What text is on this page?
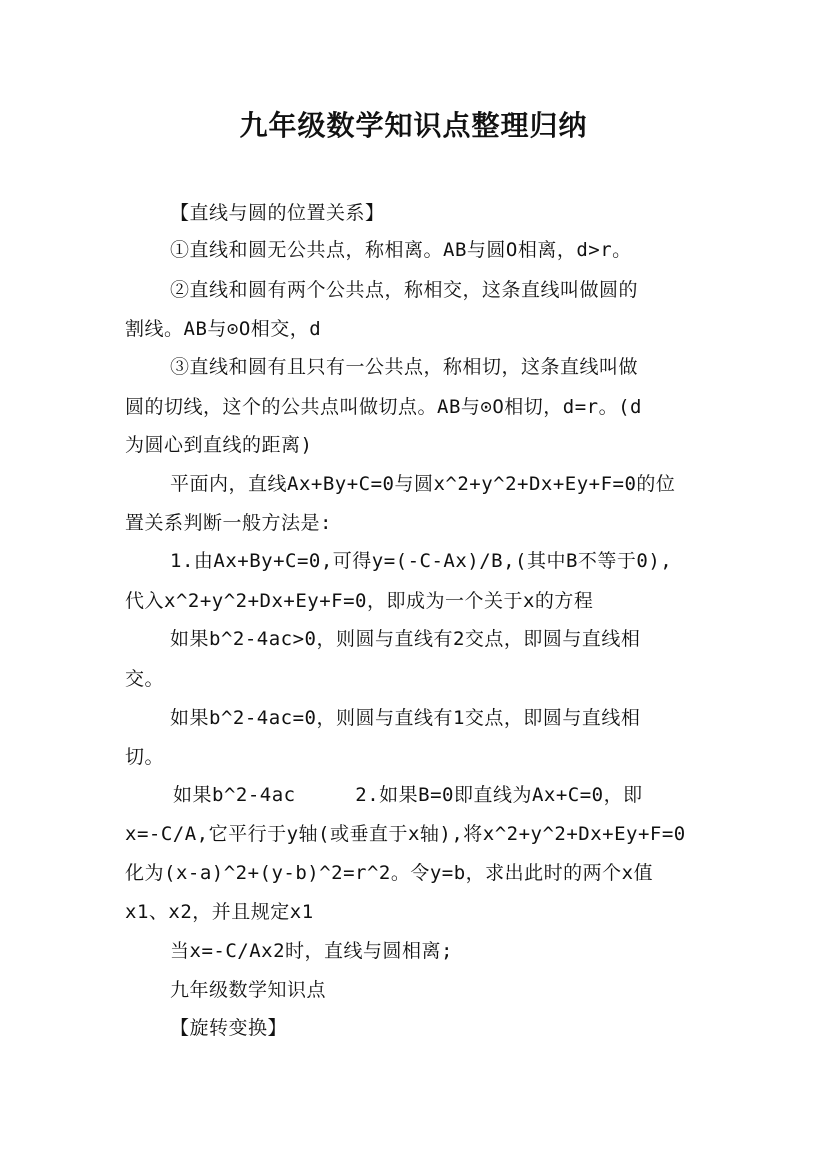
九年级数学知识点整理归纳
【直线与圆的位置关系】
①直线和圆无公共点，称相离。AB与圆O相离，d>r。
②直线和圆有两个公共点，称相交，这条直线叫做圆的
割线。AB与⊙O相交，d
③直线和圆有且只有一公共点，称相切，这条直线叫做
圆的切线，这个的公共点叫做切点。AB与⊙O相切，d=r。(d
为圆心到直线的距离)
平面内，直线Ax+By+C=0与圆x^2+y^2+Dx+Ey+F=0的位
置关系判断一般方法是:
1.由Ax+By+C=0,可得y=(-C-Ax)/B,(其中B不等于0),
代入x^2+y^2+Dx+Ey+F=0，即成为一个关于x的方程
如果b^2-4ac>0，则圆与直线有2交点，即圆与直线相
交。
如果b^2-4ac=0，则圆与直线有1交点，即圆与直线相
切。
如果b^2-4ac     2.如果B=0即直线为Ax+C=0，即
x=-C/A,它平行于y轴(或垂直于x轴),将x^2+y^2+Dx+Ey+F=0
化为(x-a)^2+(y-b)^2=r^2。令y=b，求出此时的两个x值
x1、x2，并且规定x1
当x=-C/Ax2时，直线与圆相离;
九年级数学知识点
【旋转变换】
